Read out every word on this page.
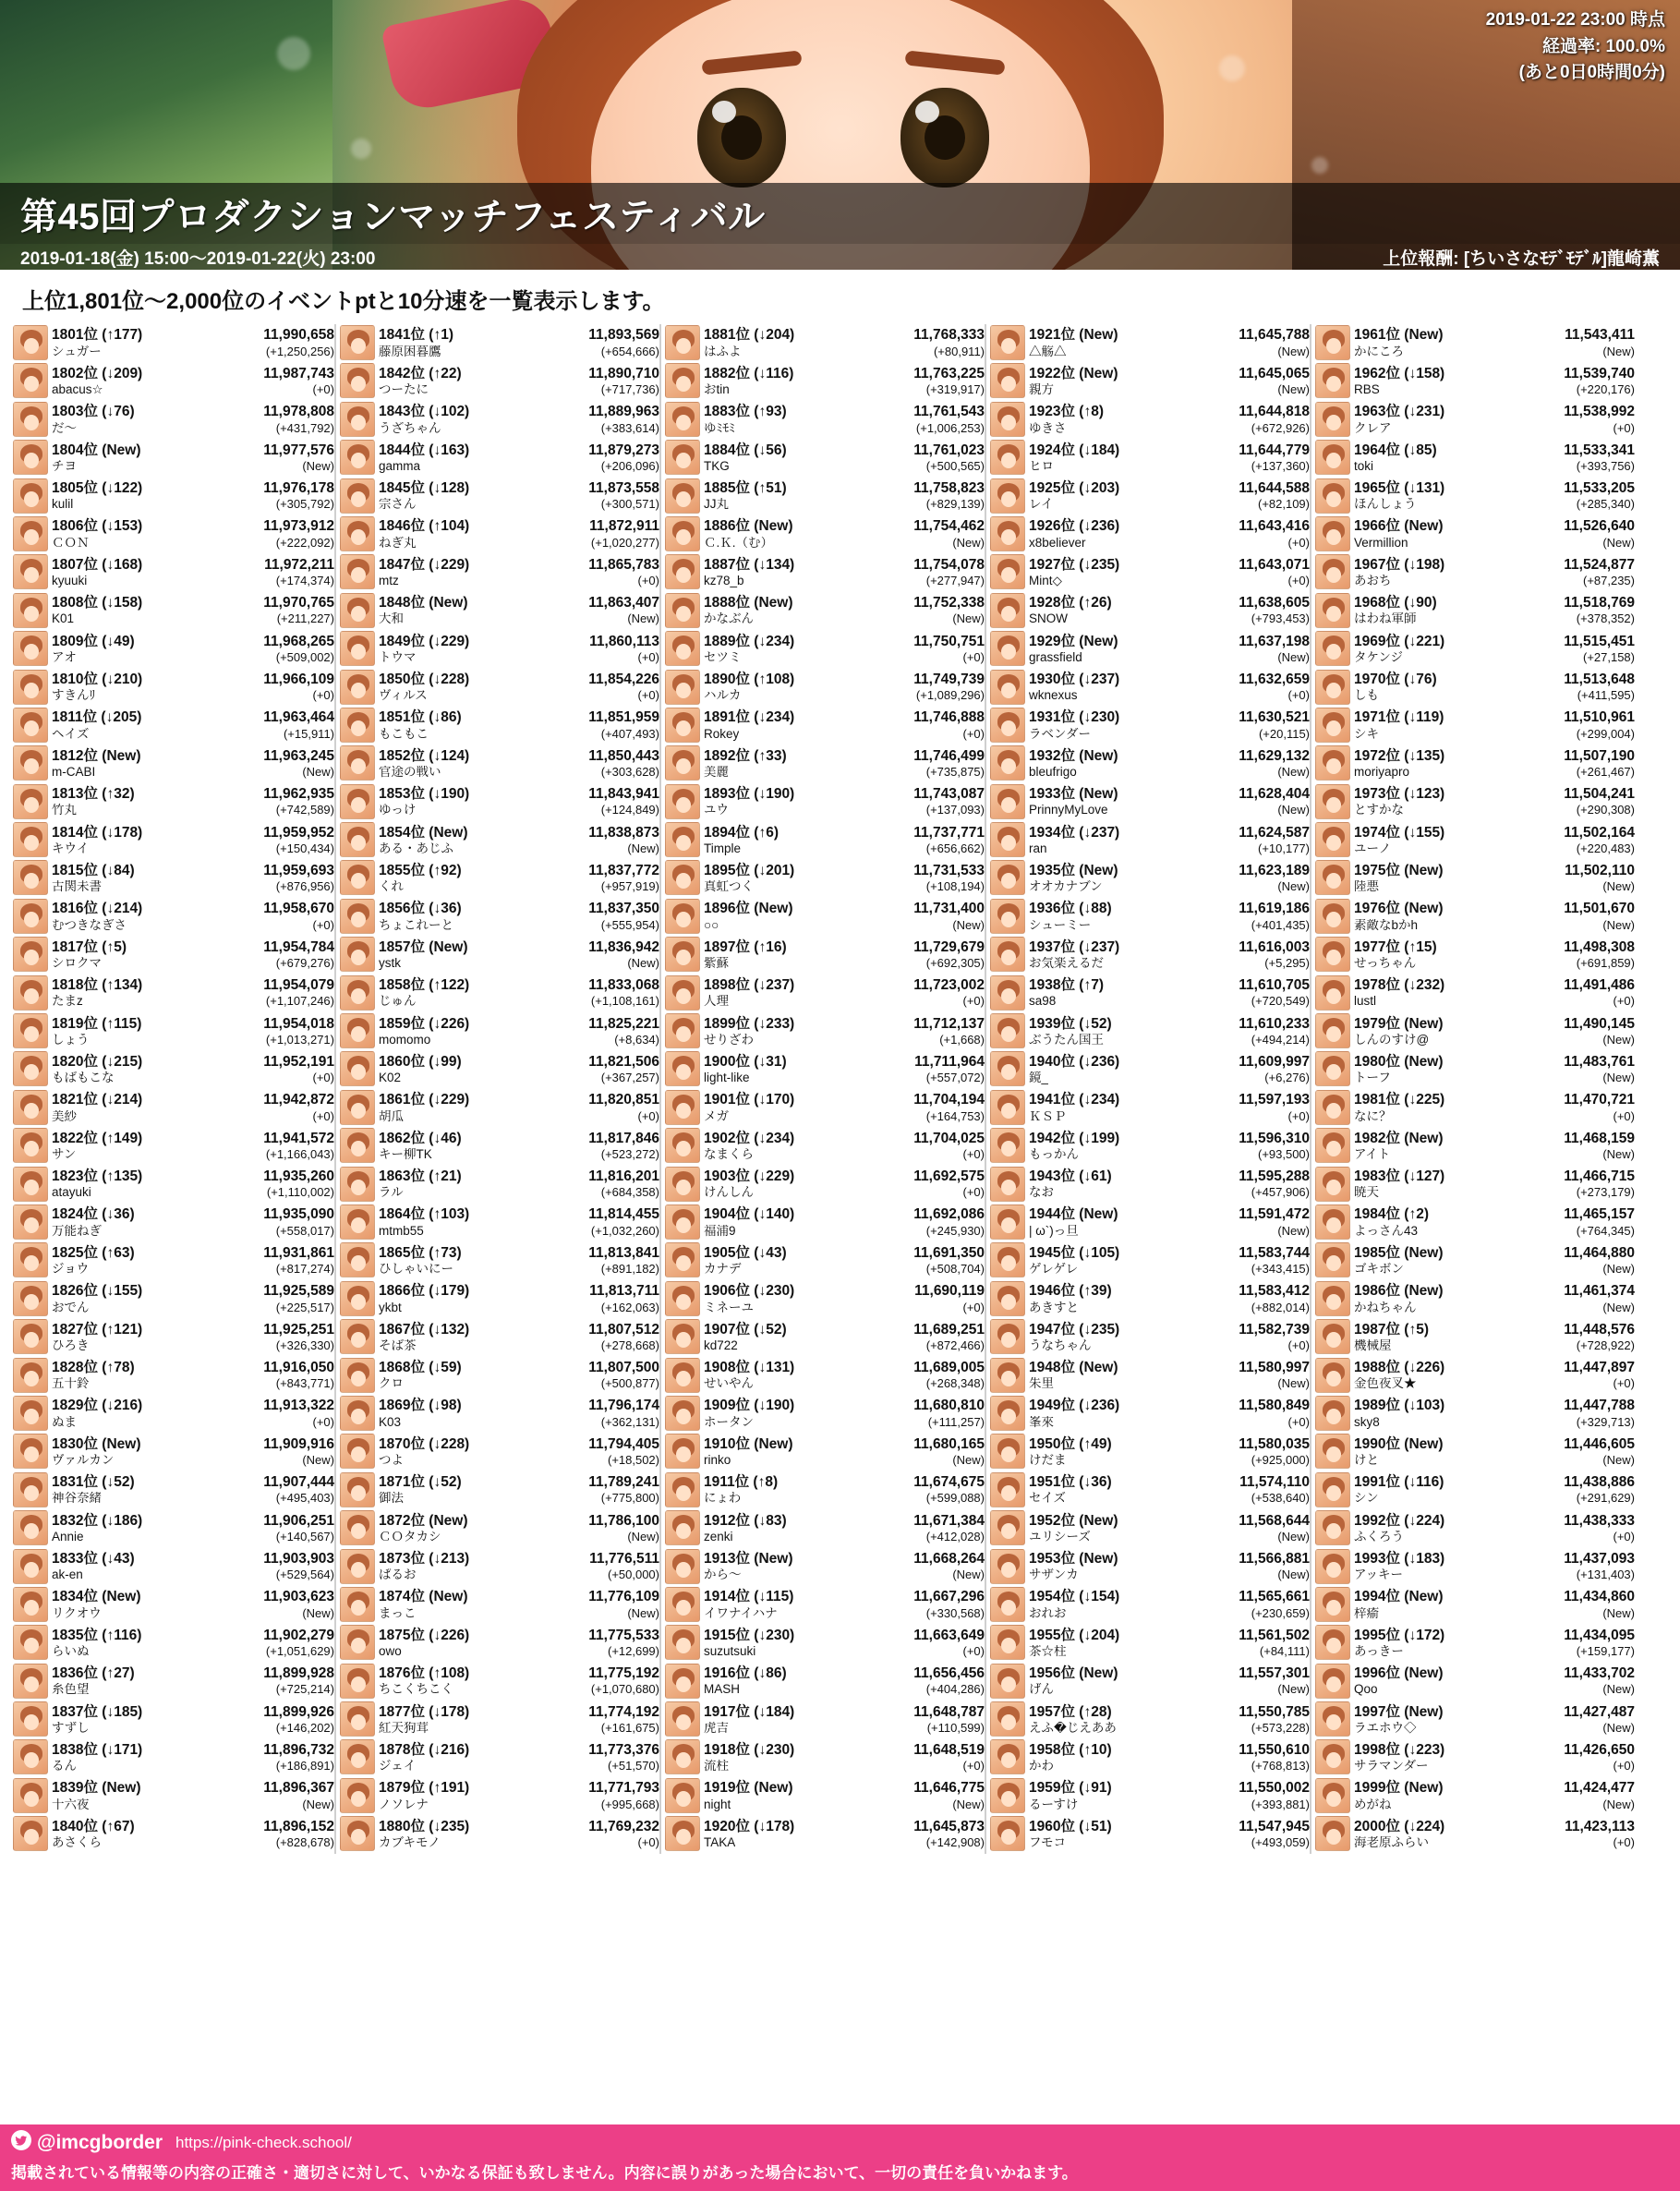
2019-01-22 23:00 時点
経過率: 100.0%
(あと0日0時間0分)
第45回プロダクションマッチフェスティバル
2019-01-18(金) 15:00〜2019-01-22(火) 23:00	上位報酬: [ちいさなﾓﾃﾞﾓﾃﾞﾙ]龍崎薫
上位1,801位〜2,000位のイベントptと10分速を一覧表示します。
1801位 (↑177)	11,990,658
シュガー	(+1,250,256)
1802位 (↓209)	11,987,743
abacus☆	(+0)
1803位 (↓76)	11,978,808
だ〜	(+431,792)
1804位 (New)	11,977,576
チヨ	(New)
1805位 (↓122)	11,976,178
kulil	(+305,792)
1806位 (↓153)	11,973,912
ＣＯＮ	(+222,092)
1807位 (↓168)	11,972,211
kyuuki	(+174,374)
1808位 (↓158)	11,970,765
K01	(+211,227)
1809位 (↓49)	11,968,265
アオ	(+509,002)
1810位 (↓210)	11,966,109
すきんﾘ	(+0)
1811位 (↓205)	11,963,464
ヘイズ	(+15,911)
1812位 (New)	11,963,245
m-CABI	(New)
1813位 (↑32)	11,962,935
竹丸	(+742,589)
1814位 (↓178)	11,959,952
キウイ	(+150,434)
1815位 (↓84)	11,959,693
古関未書	(+876,956)
1816位 (↓214)	11,958,670
むつきなぎさ	(+0)
1817位 (↑5)	11,954,784
シロクマ	(+679,276)
1818位 (↑134)	11,954,079
たまz	(+1,107,246)
1819位 (↑115)	11,954,018
しょう	(+1,013,271)
1820位 (↓215)	11,952,191
もばもこな	(+0)
1821位 (↓214)	11,942,872
美紗	(+0)
1822位 (↑149)	11,941,572
サン	(+1,166,043)
1823位 (↑135)	11,935,260
atayuki	(+1,110,002)
1824位 (↓36)	11,935,090
万能ねぎ	(+558,017)
1825位 (↑63)	11,931,861
ジョウ	(+817,274)
1826位 (↓155)	11,925,589
おでん	(+225,517)
1827位 (↑121)	11,925,251
ひろき	(+326,330)
1828位 (↑78)	11,916,050
五十鈴	(+843,771)
1829位 (↓216)	11,913,322
ぬま	(+0)
1830位 (New)	11,909,916
ヴァルカン	(New)
1831位 (↓52)	11,907,444
神谷奈緒	(+495,403)
1832位 (↓186)	11,906,251
Annie	(+140,567)
1833位 (↓43)	11,903,903
ak-en	(+529,564)
1834位 (New)	11,903,623
リクオウ	(New)
1835位 (↑116)	11,902,279
らいぬ	(+1,051,629)
1836位 (↑27)	11,899,928
糸色望	(+725,214)
1837位 (↓185)	11,899,926
すずし	(+146,202)
1838位 (↓171)	11,896,732
るん	(+186,891)
1839位 (New)	11,896,367
十六夜	(New)
1840位 (↑67)	11,896,152
あさくら	(+828,678)
1841位 (↑1)	11,893,569
藤原困暮鷹	(+654,666)
1842位 (↑22)	11,890,710
つーたに	(+717,736)
1843位 (↓102)	11,889,963
うざちゃん	(+383,614)
1844位 (↓163)	11,879,273
gamma	(+206,096)
1845位 (↓128)	11,873,558
宗さん	(+300,571)
1846位 (↑104)	11,872,911
ねぎ丸	(+1,020,277)
1847位 (↓229)	11,865,783
mtz	(+0)
1848位 (New)	11,863,407
大和	(New)
1849位 (↓229)	11,860,113
トウマ	(+0)
1850位 (↓228)	11,854,226
ヴィルス	(+0)
1851位 (↓86)	11,851,959
もこもこ	(+407,493)
1852位 (↓124)	11,850,443
官途の戦い	(+303,628)
1853位 (↓190)	11,843,941
ゆっけ	(+124,849)
1854位 (New)	11,838,873
ある・あじふ	(New)
1855位 (↑92)	11,837,772
くれ	(+957,919)
1856位 (↓36)	11,837,350
ちょこれーと	(+555,954)
1857位 (New)	11,836,942
ystk	(New)
1858位 (↑122)	11,833,068
じゅん	(+1,108,161)
1859位 (↓226)	11,825,221
momomo	(+8,634)
1860位 (↓99)	11,821,506
K02	(+367,257)
1861位 (↓229)	11,820,851
胡瓜	(+0)
1862位 (↓46)	11,817,846
キー柳TK	(+523,272)
1863位 (↑21)	11,816,201
ラル	(+684,358)
1864位 (↑103)	11,814,455
mtmb55	(+1,032,260)
1865位 (↑73)	11,813,841
ひしゃいにー	(+891,182)
1866位 (↓179)	11,813,711
ykbt	(+162,063)
1867位 (↓132)	11,807,512
そば茶	(+278,668)
1868位 (↓59)	11,807,500
クロ	(+500,877)
1869位 (↓98)	11,796,174
K03	(+362,131)
1870位 (↓228)	11,794,405
つよ	(+18,502)
1871位 (↓52)	11,789,241
御法	(+775,800)
1872位 (New)	11,786,100
ＣＯタカシ	(New)
1873位 (↓213)	11,776,511
ぱるお	(+50,000)
1874位 (New)	11,776,109
まっこ	(New)
1875位 (↓226)	11,775,533
owo	(+12,699)
1876位 (↑108)	11,775,192
ちこくちこく	(+1,070,680)
1877位 (↓178)	11,774,192
紅天狗茸	(+161,675)
1878位 (↓216)	11,773,376
ジェイ	(+51,570)
1879位 (↑191)	11,771,793
ノソレナ	(+995,668)
1880位 (↓235)	11,769,232
カブキモノ	(+0)
1881位 (↓204)	11,768,333
はふよ	(+80,911)
1882位 (↓116)	11,763,225
おtin	(+319,917)
1883位 (↑93)	11,761,543
ゆﾐﾓﾐ	(+1,006,253)
1884位 (↓56)	11,761,023
TKG	(+500,565)
1885位 (↑51)	11,758,823
JJ丸	(+829,139)
1886位 (New)	11,754,462
Ｃ.Ｋ.（む）	(New)
1887位 (↓134)	11,754,078
kz78_b	(+277,947)
1888位 (New)	11,752,338
かなぶん	(New)
1889位 (↓234)	11,750,751
セツミ	(+0)
1890位 (↑108)	11,749,739
ハルカ	(+1,089,296)
1891位 (↓234)	11,746,888
Rokey	(+0)
1892位 (↑33)	11,746,499
美麗	(+735,875)
1893位 (↓190)	11,743,087
ユウ	(+137,093)
1894位 (↑6)	11,737,771
Timple	(+656,662)
1895位 (↓201)	11,731,533
真虹つく	(+108,194)
1896位 (New)	11,731,400
○○	(New)
1897位 (↑16)	11,729,679
紫蘇	(+692,305)
1898位 (↓237)	11,723,002
人理	(+0)
1899位 (↓233)	11,712,137
せりざわ	(+1,668)
1900位 (↓31)	11,711,964
light-like	(+557,072)
1901位 (↓170)	11,704,194
メガ	(+164,753)
1902位 (↓234)	11,704,025
なまくら	(+0)
1903位 (↓229)	11,692,575
けんしん	(+0)
1904位 (↓140)	11,692,086
福浦9	(+245,930)
1905位 (↓43)	11,691,350
カナデ	(+508,704)
1906位 (↓230)	11,690,119
ミネーユ	(+0)
1907位 (↓52)	11,689,251
kd722	(+872,466)
1908位 (↓131)	11,689,005
せいやん	(+268,348)
1909位 (↓190)	11,680,810
ホータン	(+111,257)
1910位 (New)	11,680,165
rinko	(New)
1911位 (↑8)	11,674,675
にょわ	(+599,088)
1912位 (↓83)	11,671,384
zenki	(+412,028)
1913位 (New)	11,668,264
から〜	(New)
1914位 (↓115)	11,667,296
イワナイハナ	(+330,568)
1915位 (↓230)	11,663,649
suzutsuki	(+0)
1916位 (↓86)	11,656,456
MASH	(+404,286)
1917位 (↓184)	11,648,787
虎吉	(+110,599)
1918位 (↓230)	11,648,519
流柱	(+0)
1919位 (New)	11,646,775
night	(New)
1920位 (↓178)	11,645,873
TAKA	(+142,908)
1921位 (New)	11,645,788
△觞△	(New)
1922位 (New)	11,645,065
親方	(New)
1923位 (↑8)	11,644,818
ゆきさ	(+672,926)
1924位 (↓184)	11,644,779
ヒロ	(+137,360)
1925位 (↓203)	11,644,588
レイ	(+82,109)
1926位 (↓236)	11,643,416
x8believer	(+0)
1927位 (↓235)	11,643,071
Mint◇	(+0)
1928位 (↑26)	11,638,605
SNOW	(+793,453)
1929位 (New)	11,637,198
grassfield	(New)
1930位 (↓237)	11,632,659
wknexus	(+0)
1931位 (↓230)	11,630,521
ラベンダー	(+20,115)
1932位 (New)	11,629,132
bleufrigo	(New)
1933位 (New)	11,628,404
PrinnyMyLove	(New)
1934位 (↓237)	11,624,587
ran	(+10,177)
1935位 (New)	11,623,189
オオカナブン	(New)
1936位 (↓88)	11,619,186
シューミー	(+401,435)
1937位 (↓237)	11,616,003
お気楽えるだ	(+5,295)
1938位 (↑7)	11,610,705
sa98	(+720,549)
1939位 (↓52)	11,610,233
ぶうたん国王	(+494,214)
1940位 (↓236)	11,609,997
鏡_	(+6,276)
1941位 (↓234)	11,597,193
ＫＳＰ	(+0)
1942位 (↓199)	11,596,310
もっかん	(+93,500)
1943位 (↓61)	11,595,288
なお	(+457,906)
1944位 (New)	11,591,472
| ω`)っ旦	(New)
1945位 (↓105)	11,583,744
ゲレゲレ	(+343,415)
1946位 (↑39)	11,583,412
あきすと	(+882,014)
1947位 (↓235)	11,582,739
うなちゃん	(+0)
1948位 (New)	11,580,997
朱里	(New)
1949位 (↓236)	11,580,849
峯來	(+0)
1950位 (↑49)	11,580,035
けだま	(+925,000)
1951位 (↓36)	11,574,110
セイズ	(+538,640)
1952位 (New)	11,568,644
ユリシーズ	(New)
1953位 (New)	11,566,881
サザンカ	(New)
1954位 (↓154)	11,565,661
おれお	(+230,659)
1955位 (↓204)	11,561,502
茶☆柱	(+84,111)
1956位 (New)	11,557,301
げん	(New)
1957位 (↑28)	11,550,785
えふ�じえああ	(+573,228)
1958位 (↑10)	11,550,610
かわ	(+768,813)
1959位 (↓91)	11,550,002
るーすけ	(+393,881)
1960位 (↓51)	11,547,945
フモコ	(+493,059)
1961位 (New)	11,543,411
かにころ	(New)
1962位 (↓158)	11,539,740
RBS	(+220,176)
1963位 (↓231)	11,538,992
クレア	(+0)
1964位 (↓85)	11,533,341
toki	(+393,756)
1965位 (↓131)	11,533,205
ほんしょう	(+285,340)
1966位 (New)	11,526,640
Vermillion	(New)
1967位 (↓198)	11,524,877
あおち	(+87,235)
1968位 (↓90)	11,518,769
はわね軍師	(+378,352)
1969位 (↓221)	11,515,451
タケンジ	(+27,158)
1970位 (↓76)	11,513,648
しも	(+411,595)
1971位 (↓119)	11,510,961
シキ	(+299,004)
1972位 (↓135)	11,507,190
moriyapro	(+261,467)
1973位 (↓123)	11,504,241
とすかな	(+290,308)
1974位 (↓155)	11,502,164
ユーノ	(+220,483)
1975位 (New)	11,502,110
陸悪	(New)
1976位 (New)	11,501,670
素敵なbかh	(New)
1977位 (↑15)	11,498,308
せっちゃん	(+691,859)
1978位 (↓232)	11,491,486
lustl	(+0)
1979位 (New)	11,490,145
しんのすけ@	(New)
1980位 (New)	11,483,761
トーフ	(New)
1981位 (↓225)	11,470,721
なに？	(+0)
1982位 (New)	11,468,159
アイト	(New)
1983位 (↓127)	11,466,715
暁天	(+273,179)
1984位 (↑2)	11,465,157
よっさん43	(+764,345)
1985位 (New)	11,464,880
ゴキボン	(New)
1986位 (New)	11,461,374
かねちゃん	(New)
1987位 (↑5)	11,448,576
機械屋	(+728,922)
1988位 (↓226)	11,447,897
金色夜叉★	(+0)
1989位 (↓103)	11,447,788
sky8	(+329,713)
1990位 (New)	11,446,605
けと	(New)
1991位 (↓116)	11,438,886
シン	(+291,629)
1992位 (↓224)	11,438,333
ふくろう	(+0)
1993位 (↓183)	11,437,093
アッキー	(+131,403)
1994位 (New)	11,434,860
梓瘉	(New)
1995位 (↓172)	11,434,095
あっきー	(+159,177)
1996位 (New)	11,433,702
Qoo	(New)
1997位 (New)	11,427,487
ラエホウ◇	(New)
1998位 (↓223)	11,426,650
サラマンダー	(+0)
1999位 (New)	11,424,477
めがね	(New)
2000位 (↓224)	11,423,113
海老原ふらい	(+0)
@imcgborder https://pink-check.school/
掲載されている情報等の内容の正確さ・適切さに対して、いかなる保証も致しません。内容に誤りがあった場合において、一切の責任を負いかねます。
